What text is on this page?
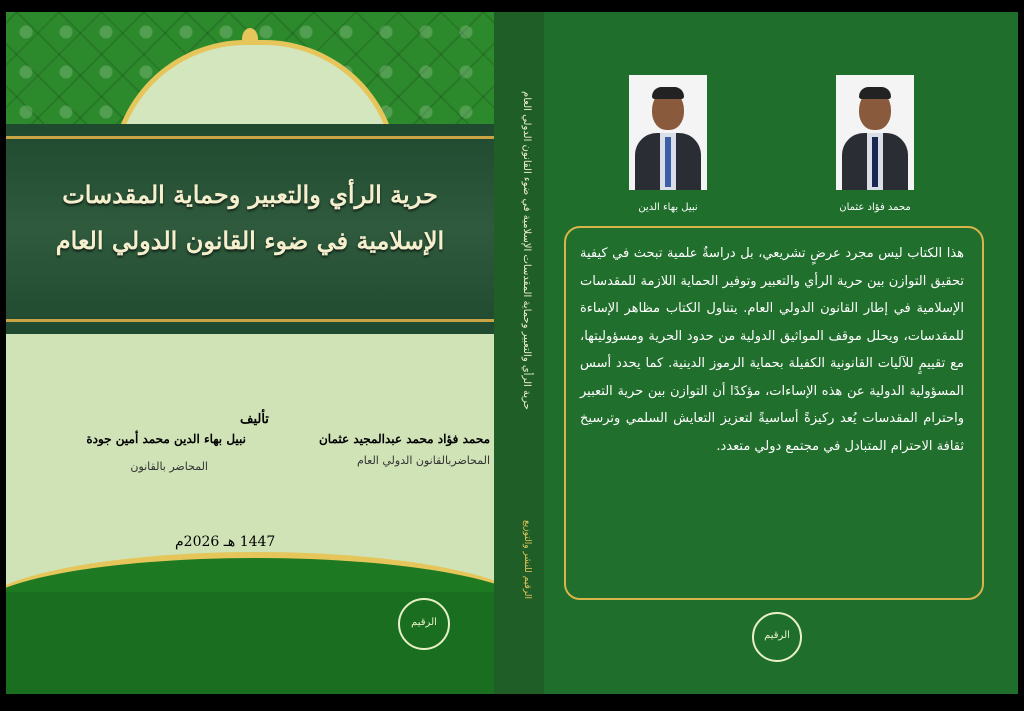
حرية الرأي والتعبير وحماية المقدسات الإسلامية في ضوء القانون الدولي العام
تأليف
محمد فؤاد محمد عبدالمجيد عثمان
المحاضربالقانون الدولي العام
نبيل بهاء الدين محمد أمين جودة
المحاضر بالقانون
1447 هـ 2026م
الرقيم
حرية الرأي والتعبير وحماية المقدسات الإسلامية في ضوء القانون الدولي العام
الرقيم للنشر والتوزيع
نبيل بهاء الدين	محمد فؤاد عثمان
هذا الكتاب ليس مجرد عرضٍ تشريعي، بل دراسةٌ علمية تبحث في كيفية تحقيق التوازن بين حرية الرأي والتعبير وتوفير الحماية اللازمة للمقدسات الإسلامية في إطار القانون الدولي العام. يتناول الكتاب مظاهر الإساءة للمقدسات، ويحلل موقف المواثيق الدولية من حدود الحرية ومسؤوليتها، مع تقييمٍ للآليات القانونية الكفيلة بحماية الرموز الدينية. كما يحدد أسس المسؤولية الدولية عن هذه الإساءات، مؤكدًا أن التوازن بين حرية التعبير واحترام المقدسات يُعد ركيزةً أساسيةً لتعزيز التعايش السلمي وترسيخ ثقافة الاحترام المتبادل في مجتمع دولي متعدد.
الرقيم
